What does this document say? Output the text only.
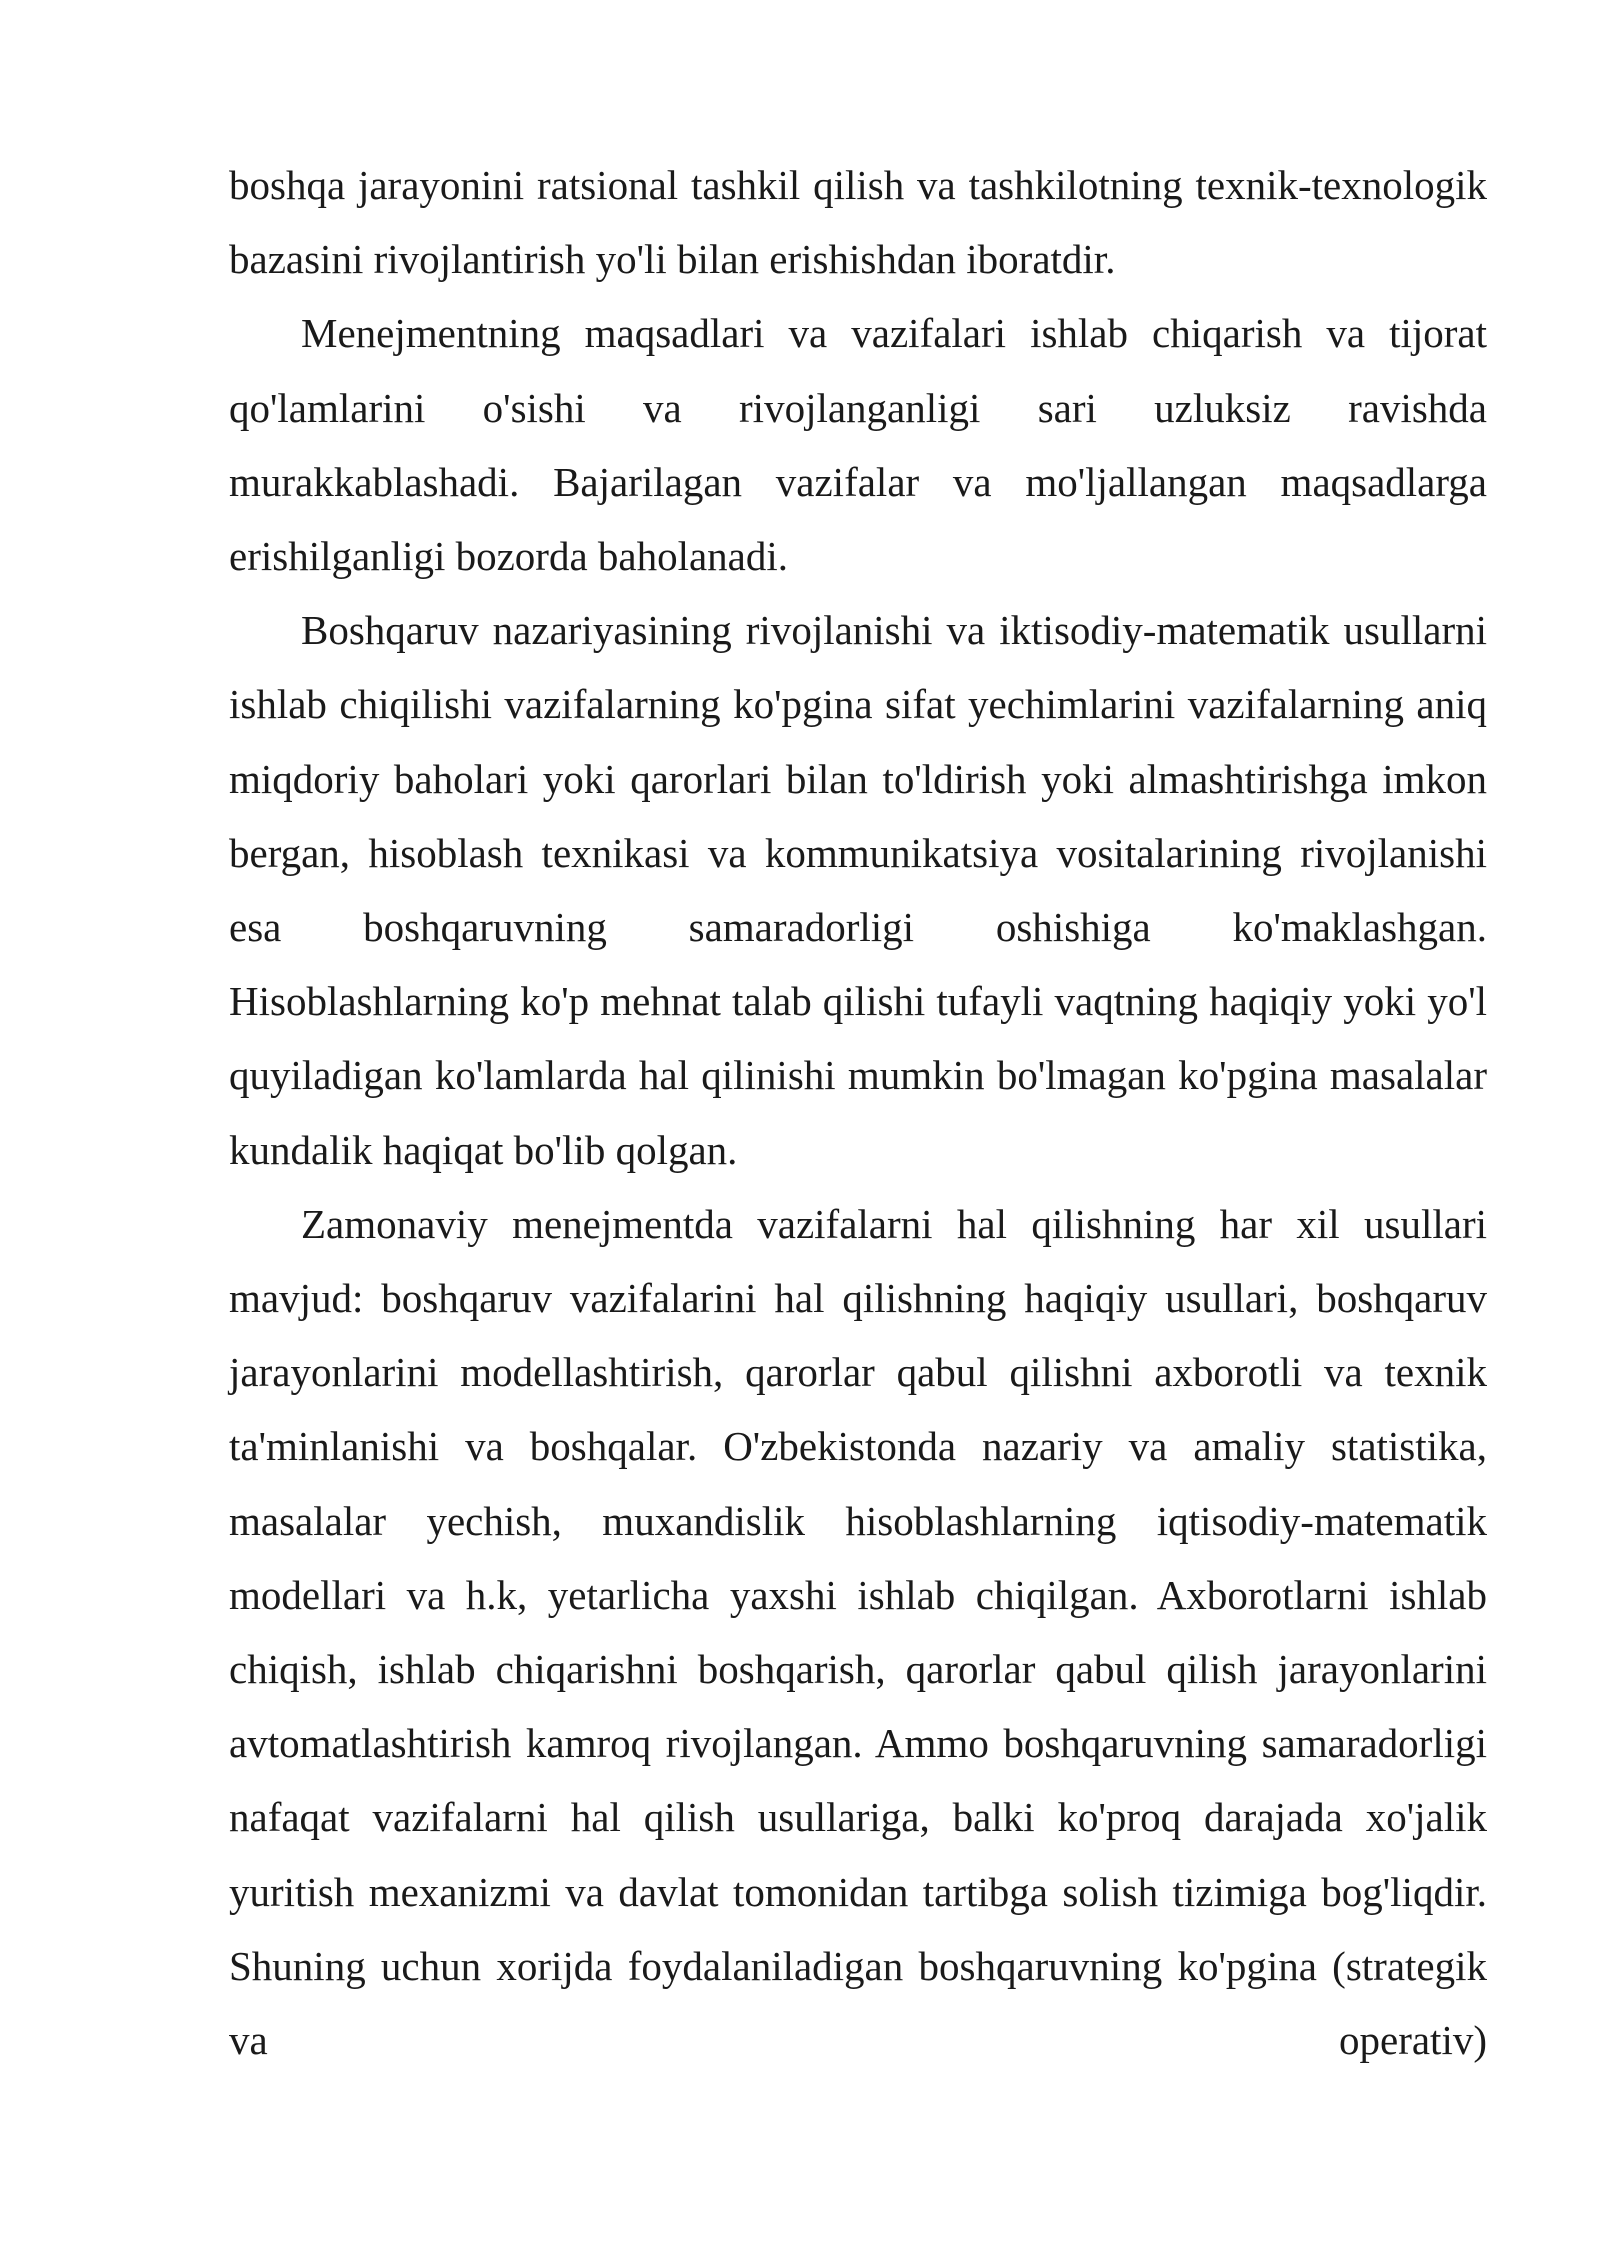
boshqa jarayonini ratsional tashkil qilish va tashkilotning texnik-texnologik bazasini rivojlantirish yo'li bilan erishishdan iboratdir.

Menejmentning maqsadlari va vazifalari ishlab chiqarish va tijorat qo'lamlarini o'sishi va rivojlanganligi sari uzluksiz ravishda murakkablashadi. Bajarilagan vazifalar va mo'ljallangan maqsadlarga erishilganligi bozorda baholanadi.

Boshqaruv nazariyasining rivojlanishi va iktisodiy-matematik usullarni ishlab chiqilishi vazifalarning ko'pgina sifat yechimlarini vazifalarning aniq miqdoriy baholari yoki qarorlari bilan to'ldirish yoki almashtirishga imkon bergan, hisoblash texnikasi va kommunikatsiya vositalarining rivojlanishi esa boshqaruvning samaradorligi oshishiga ko'maklashgan. Hisoblashlarning ko'p mehnat talab qilishi tufayli vaqtning haqiqiy yoki yo'l quyiladigan ko'lamlarda hal qilinishi mumkin bo'lmagan ko'pgina masalalar kundalik haqiqat bo'lib qolgan.

Zamonaviy menejmentda vazifalarni hal qilishning har xil usullari mavjud: boshqaruv vazifalarini hal qilishning haqiqiy usullari, boshqaruv jarayonlarini modellashtirish, qarorlar qabul qilishni axborotli va texnik ta'minlanishi va boshqalar. O'zbekistonda nazariy va amaliy statistika, masalalar yechish, muxandislik hisoblashlarning iqtisodiy-matematik modellari va h.k, yetarlicha yaxshi ishlab chiqilgan. Axborotlarni ishlab chiqish, ishlab chiqarishni boshqarish, qarorlar qabul qilish jarayonlarini avtomatlashtirish kamroq rivojlangan. Ammo boshqaruvning samaradorligi nafaqat vazifalarni hal qilish usullariga, balki ko'proq darajada xo'jalik yuritish mexanizmi va davlat tomonidan tartibga solish tizimiga bog'liqdir. Shuning uchun xorijda foydalaniladigan boshqaruvning ko'pgina (strategik va operativ)
